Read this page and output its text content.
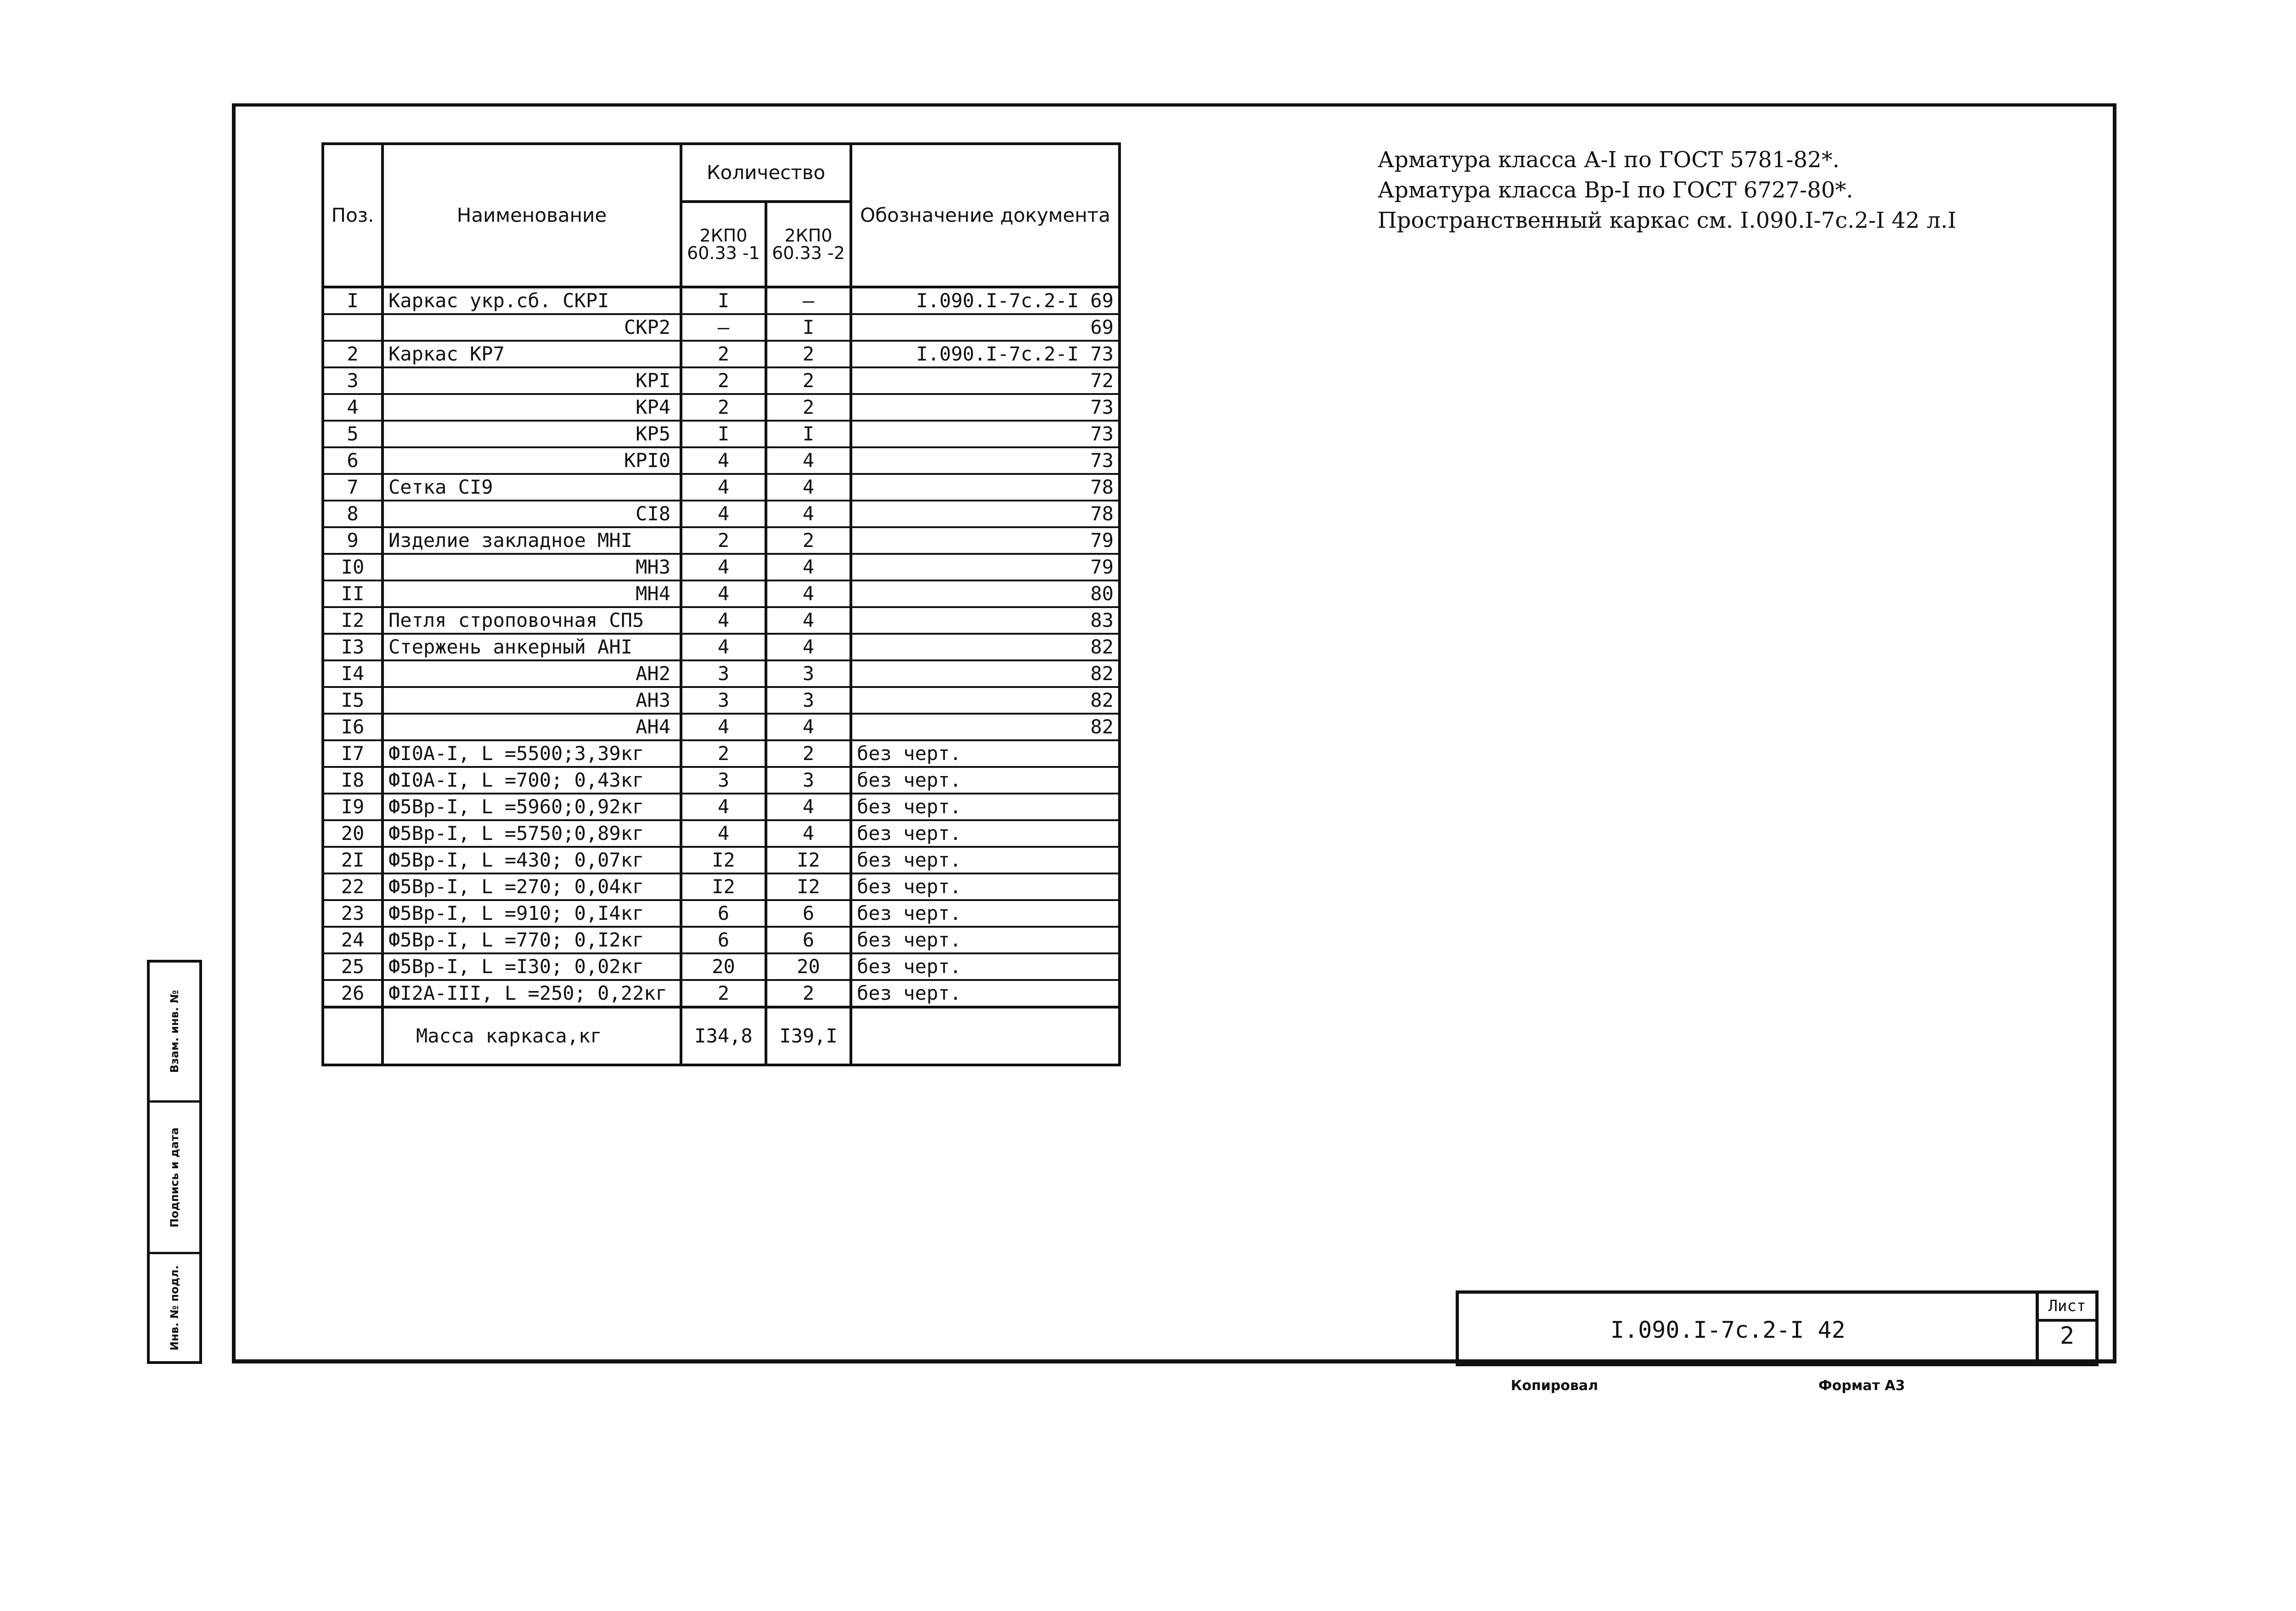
Взам. инв. №
Подпись и дата
Инв. № подл.
Поз.	Наименование	Количество		Обозначение документа
		2КП0 60.33 -1	2КП0 60.33 -2	
I	Каркас укр.сб. СКРI	I	–	I.090.I-7с.2-I 69
	СКР2	–	I	69
2	Каркас КР7	2	2	I.090.I-7с.2-I 73
3	КРI	2	2	72
4	КР4	2	2	73
5	КР5	I	I	73
6	КРI0	4	4	73
7	Сетка СI9	4	4	78
8	СI8	4	4	78
9	Изделие закладное МНI	2	2	79
I0	МН3	4	4	79
II	МН4	4	4	80
I2	Петля строповочная СП5	4	4	83
I3	Стержень анкерный АНI	4	4	82
I4	АН2	3	3	82
I5	АН3	3	3	82
I6	АН4	4	4	82
I7	ФI0А-I, L =5500;3,39кг	2	2	без черт.
I8	ФI0А-I, L =700; 0,43кг	3	3	без черт.
I9	Ф5Вр-I, L =5960;0,92кг	4	4	без черт.
20	Ф5Вр-I, L =5750;0,89кг	4	4	без черт.
2I	Ф5Вр-I, L =430; 0,07кг	I2	I2	без черт.
22	Ф5Вр-I, L =270; 0,04кг	I2	I2	без черт.
23	Ф5Вр-I, L =910; 0,I4кг	6	6	без черт.
24	Ф5Вр-I, L =770; 0,I2кг	6	6	без черт.
25	Ф5Вр-I, L =I30; 0,02кг	20	20	без черт.
26	ФI2А-III, L =250; 0,22кг	2	2	без черт.
	Масса каркаса,кг	I34,8	I39,I	
Арматура класса А-I по ГОСТ 5781-82*.
Арматура класса Вр-I по ГОСТ 6727-80*.
Пространственный каркас см. I.090.I-7с.2-I 42 л.I
I.090.I-7с.2-I 42
Лист
2
Копировал	Формат А3
